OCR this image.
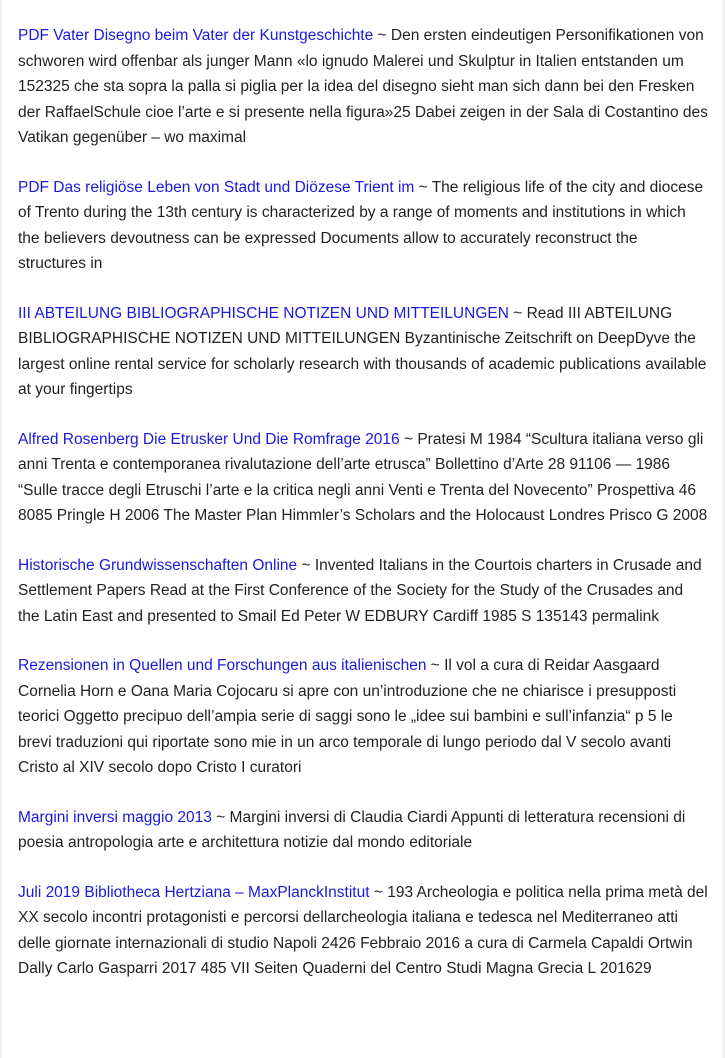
PDF Vater Disegno beim Vater der Kunstgeschichte ~ Den ersten eindeutigen Personifikationen von schworen wird offenbar als junger Mann «lo ignudo Malerei und Skulptur in Italien entstanden um 152325 che sta sopra la palla si piglia per la idea del disegno sieht man sich dann bei den Fresken der RaffaelSchule cioe l’arte e si presente nella figura»25 Dabei zeigen in der Sala di Costantino des Vatikan gegenüber – wo maximal

PDF Das religiöse Leben von Stadt und Diözese Trient im ~ The religious life of the city and diocese of Trento during the 13th century is characterized by a range of moments and institutions in which the believers devoutness can be expressed Documents allow to accurately reconstruct the structures in

III ABTEILUNG BIBLIOGRAPHISCHE NOTIZEN UND MITTEILUNGEN ~ Read III ABTEILUNG BIBLIOGRAPHISCHE NOTIZEN UND MITTEILUNGEN Byzantinische Zeitschrift on DeepDyve the largest online rental service for scholarly research with thousands of academic publications available at your fingertips

Alfred Rosenberg Die Etrusker Und Die Romfrage 2016 ~ Pratesi M 1984 “Scultura italiana verso gli anni Trenta e contemporanea rivalutazione dell’arte etrusca” Bollettino d’Arte 28 91106 — 1986 “Sulle tracce degli Etruschi l’arte e la critica negli anni Venti e Trenta del Novecento” Prospettiva 46 8085 Pringle H 2006 The Master Plan Himmler’s Scholars and the Holocaust Londres Prisco G 2008

Historische Grundwissenschaften Online ~ Invented Italians in the Courtois charters in Crusade and Settlement Papers Read at the First Conference of the Society for the Study of the Crusades and the Latin East and presented to Smail Ed Peter W EDBURY Cardiff 1985 S 135143 permalink

Rezensionen in Quellen und Forschungen aus italienischen ~ Il vol a cura di Reidar Aasgaard Cornelia Horn e Oana Maria Cojocaru si apre con un’introduzione che ne chiarisce i presupposti teorici Oggetto precipuo dell’ampia serie di saggi sono le „idee sui bambini e sull’infanzia“ p 5 le brevi traduzioni qui riportate sono mie in un arco temporale di lungo periodo dal V secolo avanti Cristo al XIV secolo dopo Cristo I curatori

Margini inversi maggio 2013 ~ Margini inversi di Claudia Ciardi Appunti di letteratura recensioni di poesia antropologia arte e architettura notizie dal mondo editoriale

Juli 2019 Bibliotheca Hertziana – MaxPlanckInstitut ~ 193 Archeologia e politica nella prima metà del XX secolo incontri protagonisti e percorsi dellarcheologia italiana e tedesca nel Mediterraneo atti delle giornate internazionali di studio Napoli 2426 Febbraio 2016 a cura di Carmela Capaldi Ortwin Dally Carlo Gasparri 2017 485 VII Seiten Quaderni del Centro Studi Magna Grecia L 201629
